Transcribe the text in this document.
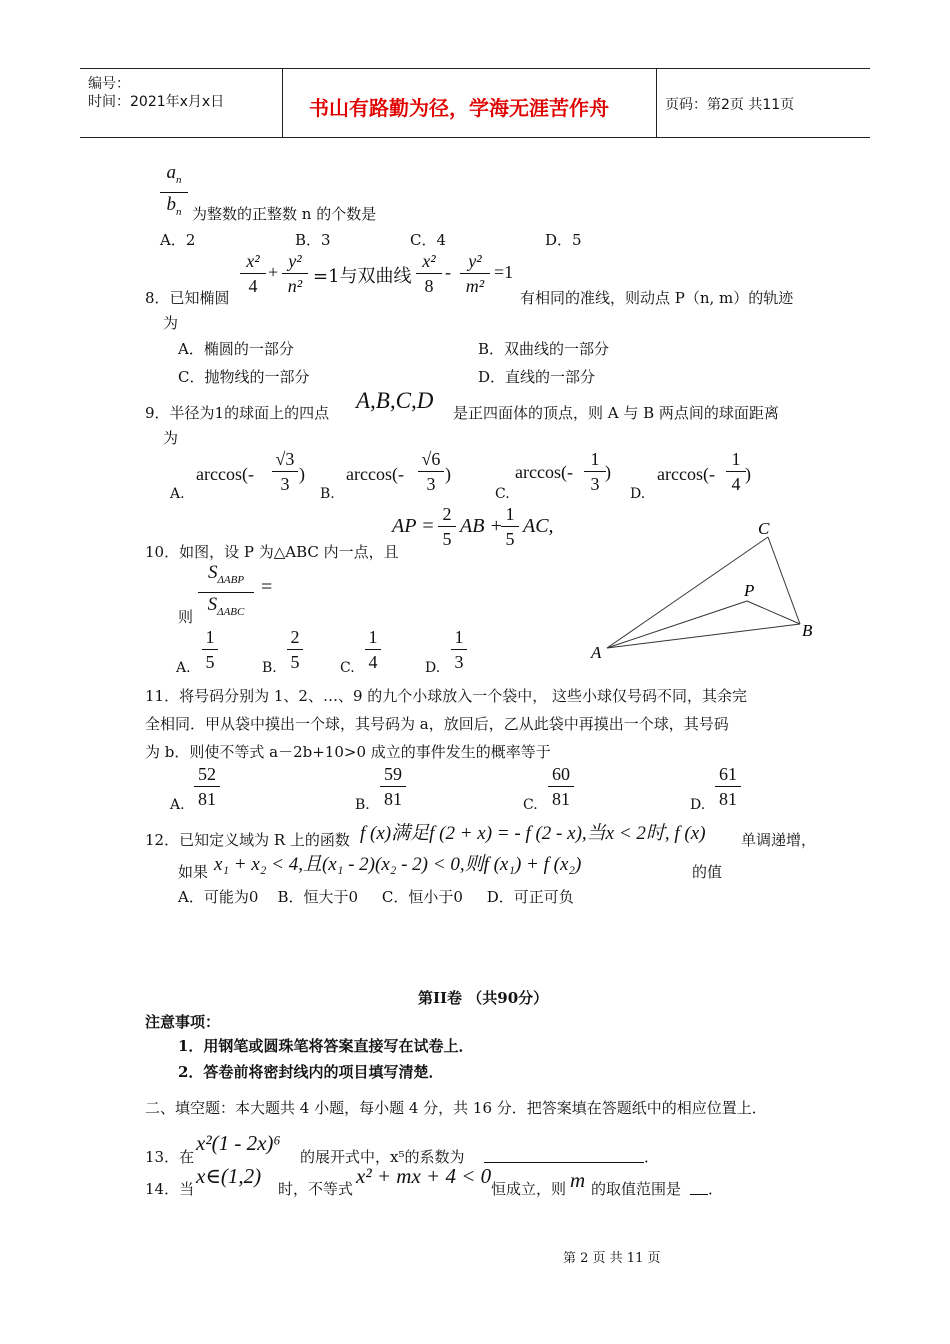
编号：
时间：2021年x月x日	书山有路勤为径，学海无涯苦作舟	页码：第2页 共11页
$a_n$
$b_n$ 为整数的正整数 n 的个数是
A．2	B．3	C．4	D．5
8．已知椭圆
x²
4
+
y²
n² =1与双曲线
x²
8
-
y²
m²
=1
有相同的准线，则动点 P（n, m）的轨迹
为
A．椭圆的一部分	B．双曲线的一部分
C．抛物线的一部分	D．直线的一部分
9．半径为1的球面上的四点 A,B,C,D 是正四面体的顶点，则 A 与 B 两点间的球面距离
为
A.
arccos(-
√3
3 )
B.
arccos(-
√6
3 )
C.
arccos(-
1
3
)
D.
arccos(-
1
4 )
AP =
2
5
AB +
1
5
AC,
10．如图，设 P 为△ABC 内一点，且
则
$S_{\Delta ABP}$
$S_{\Delta ABC}$
=
A.
1
5	B.
2
5	C.
1
4	D.
1
3	A
C
P
B
11．将号码分别为 1、2、…、9 的九个小球放入一个袋中， 这些小球仅号码不同，其余完
全相同．甲从袋中摸出一个球，其号码为 a，放回后，乙从此袋中再摸出一个球，其号码
为 b．则使不等式 a－2b+10>0 成立的事件发生的概率等于
A.
52
81	B.
59
81	C.
60
81	D.
61
81
12．已知定义域为 R 上的函数 f (x)满足f (2 + x) = - f (2 - x),当x < 2时, f (x) 单调递增，
如果 x₁ + x₂ < 4,且(x₁ - 2)(x₂ - 2) < 0,则f (x₁) + f (x₂)	的值
A．可能为0    B．恒大于0     C．恒小于0     D．可正可负
第II卷 （共90分）
注意事项：
1．用钢笔或圆珠笔将答案直接写在试卷上．
2．答卷前将密封线内的项目填写清楚．
二、填空题：本大题共 4 小题，每小题 4 分，共 16 分．把答案填在答题纸中的相应位置上．
13．在
x²(1 - 2x)⁶
的展开式中，x⁵的系数为	．
14．当
x∈(1,2)
时，不等式
x² + mx + 4 < 0
恒成立，则 m 的取值范围是 ．
第 2 页 共 11 页
